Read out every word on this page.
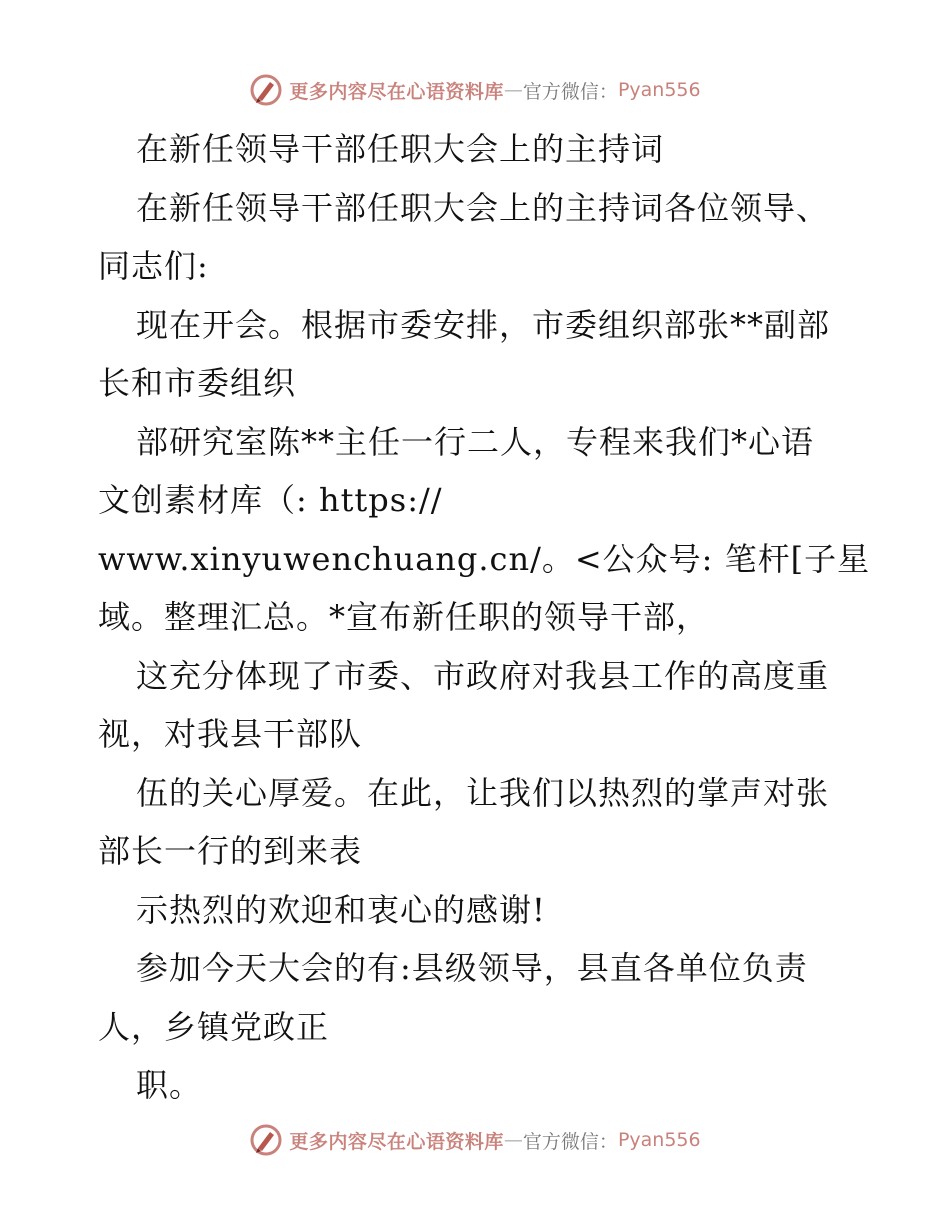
更多内容尽在心语资料库 — 官方微信： Pyan556
在新任领导干部任职大会上的主持词
在新任领导干部任职大会上的主持词各位领导、
同志们:
现在开会。根据市委安排，市委组织部张**副部
长和市委组织
部研究室陈**主任一行二人，专程来我们*心语
文创素材库（: https://
www.xinyuwenchuang.cn/。<公众号: 笔杆[子星
域。整理汇总。*宣布新任职的领导干部，
这充分体现了市委、市政府对我县工作的高度重
视，对我县干部队
伍的关心厚爱。在此，让我们以热烈的掌声对张
部长一行的到来表
示热烈的欢迎和衷心的感谢!
参加今天大会的有:县级领导，县直各单位负责
人，乡镇党政正
职。
更多内容尽在心语资料库 — 官方微信： Pyan556
